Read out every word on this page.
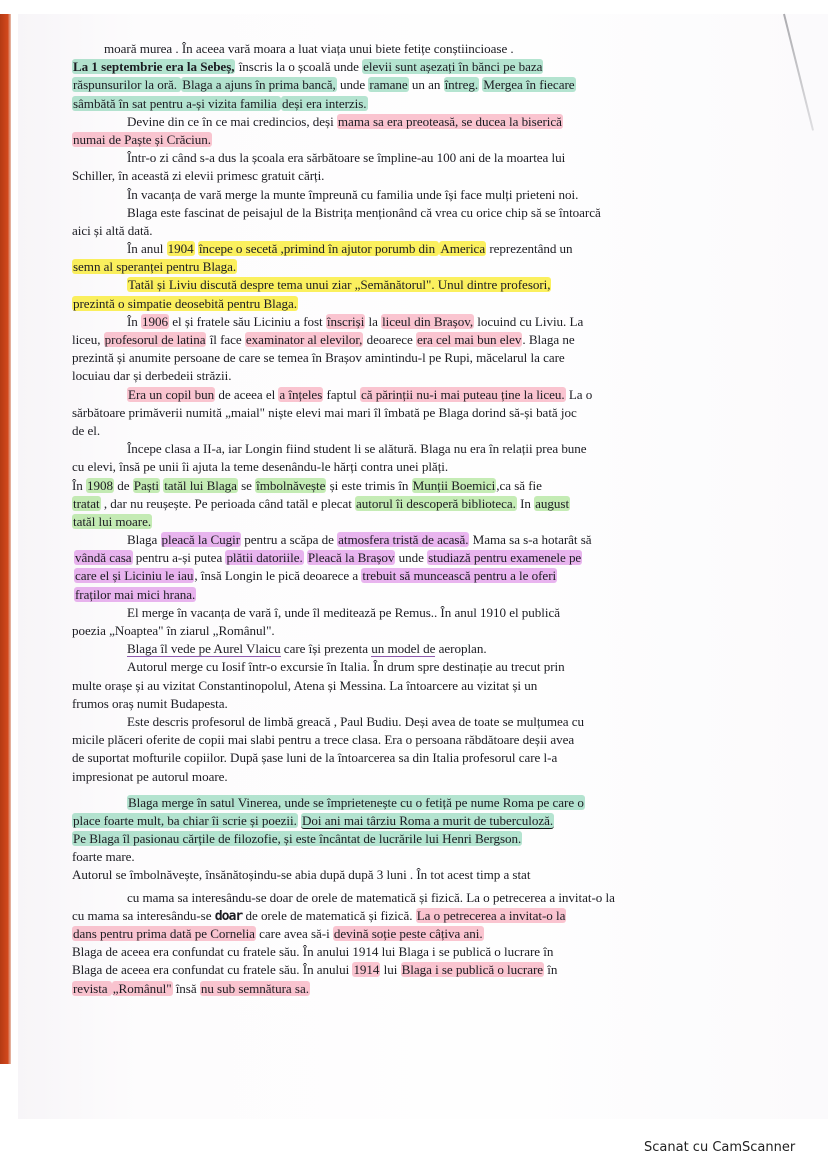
moară murea . În aceea vară moara a luat viața unui biete fetițe conștiincioase .
La 1 septembrie era la Sebeș, înscris la o școală unde elevii sunt așezați în bănci pe baza
răspunsurilor la oră. Blaga a ajuns în prima bancă, unde ramane un an întreg. Mergea în fiecare
sâmbătă în sat pentru a-și vizita familia deși era interzis.
Devine din ce în ce mai credincios, deși mama sa era preoteasă, se ducea la biserică
numai de Paște și Crăciun.
Într-o zi când s-a dus la școala era sărbătoare se împline-au 100 ani de la moartea lui
Schiller, în această zi elevii primesc gratuit cărți.
În vacanța de vară merge la munte împreună cu familia unde își face mulți prieteni noi.
Blaga este fascinat de peisajul de la Bistrița menționând că vrea cu orice chip să se întoarcă
aici și altă dată.
În anul 1904 începe o secetă ,primind în ajutor porumb din America reprezentând un
semn al speranței pentru Blaga.
Tatăl și Liviu discută despre tema unui ziar „Semănătorul". Unul dintre profesori,
prezintă o simpatie deosebită pentru Blaga.
În 1906 el și fratele său Liciniu a fost înscriși la liceul din Brașov, locuind cu Liviu. La
liceu, profesorul de latina îl face examinator al elevilor, deoarece era cel mai bun elev. Blaga ne
prezintă și anumite persoane de care se temea în Brașov amintindu-l pe Rupi, măcelarul la care
locuiau dar și derbedeii străzii.
Era un copil bun de aceea el a înțeles faptul că părinții nu-i mai puteau ține la liceu. La o
sărbătoare primăverii numită „maial" niște elevi mai mari îl îmbată pe Blaga dorind să-și bată joc
de el.
Începe clasa a II-a, iar Longin fiind student li se alătură. Blaga nu era în relații prea bune
cu elevi, însă pe unii îi ajuta la teme desenându-le hărți contra unei plăți.
În 1908 de Paști tatăl lui Blaga se îmbolnăvește și este trimis în Munții Boemici,ca să fie
tratat , dar nu reușește. Pe perioada când tatăl e plecat autorul îi descoperă biblioteca. In august
tatăl lui moare.
Blaga pleacă la Cugir pentru a scăpa de atmosfera tristă de acasă. Mama sa s-a hotarât să
vândă casa pentru a-și putea plătii datoriile. Pleacă la Brașov unde studiază pentru examenele pe
care el și Liciniu le iau, însă Longin le pică deoarece a trebuit să muncească pentru a le oferi
fraților mai mici hrana.
El merge în vacanța de vară î, unde îl meditează pe Remus.. În anul 1910 el publică
poezia „Noaptea" în ziarul „Românul".
Blaga îl vede pe Aurel Vlaicu care își prezenta un model de aeroplan.
Autorul merge cu Iosif într-o excursie în Italia. În drum spre destinație au trecut prin
multe orașe și au vizitat Constantinopolul, Atena și Messina. La întoarcere au vizitat și un
frumos oraș numit Budapesta.
Este descris profesorul de limbă greacă , Paul Budiu. Deși avea de toate se mulțumea cu
micile plăceri oferite de copii mai slabi pentru a trece clasa. Era o persoana răbdătoare deșii avea
de suportat mofturile copiilor. După șase luni de la întoarcerea sa din Italia profesorul care l-a
impresionat pe autorul moare.
Blaga merge în satul Vinerea, unde se împrietenește cu o fetiță pe nume Roma pe care o
place foarte mult, ba chiar îi scrie și poezii. Doi ani mai târziu Roma a murit de tuberculoză.
Pe Blaga îl pasionau cărțile de filozofie, și este încântat de lucrările lui Henri Bergson.
foarte mare.
Autorul se îmbolnăvește, însănătoșindu-se abia după după 3 luni . În tot acest timp a stat
cu mama sa interesându-se doar de orele de matematică și fizică. La o petrecerea a invitat-o la
cu mama sa interesându-se doar de orele de matematică și fizică. La o petrecerea a invitat-o la
dans pentru prima dată pe Cornelia care avea să-i devină soție peste câțiva ani.
Blaga de aceea era confundat cu fratele său. În anului 1914 lui Blaga i se publică o lucrare în
Blaga de aceea era confundat cu fratele său. În anului 1914 lui Blaga i se publică o lucrare în
revista „Românul" însă nu sub semnătura sa.
Scanat cu CamScanner
